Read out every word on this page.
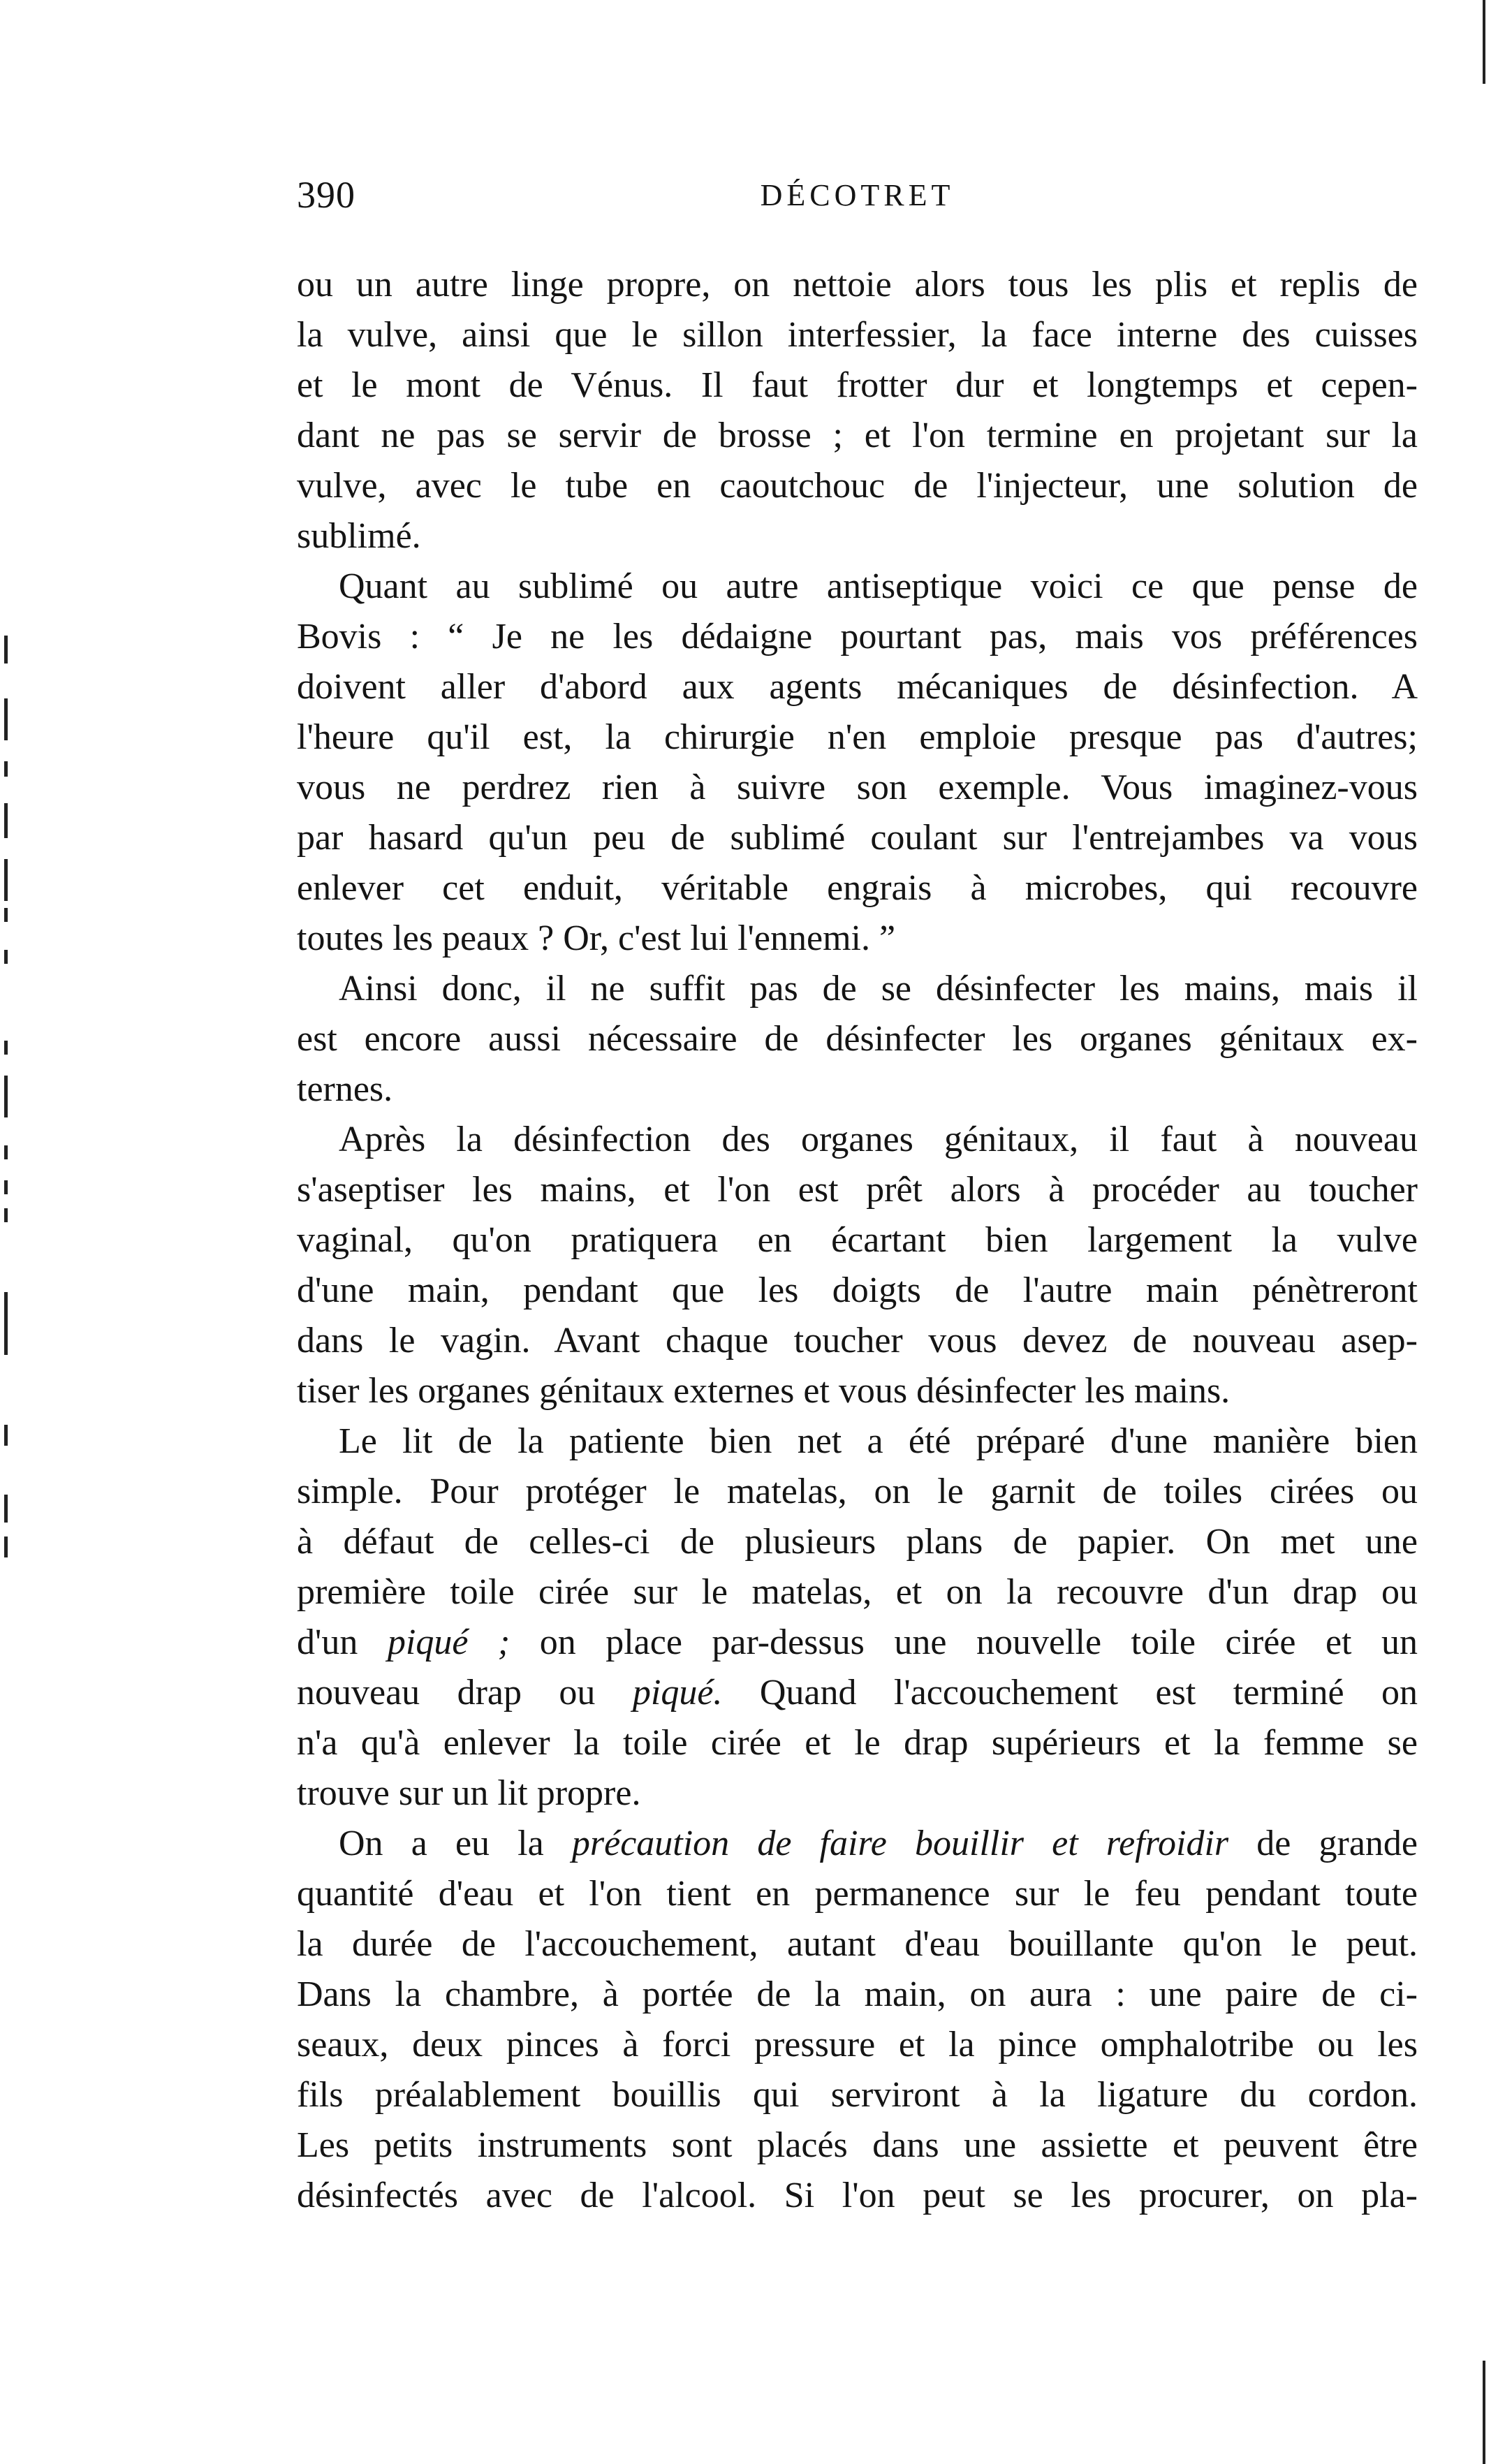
390	DÉCOTRET
ou un autre linge propre, on nettoie alors tous les plis et replis de
la vulve, ainsi que le sillon interfessier, la face interne des cuisses
et le mont de Vénus. Il faut frotter dur et longtemps et cepen-
dant ne pas se servir de brosse ; et l'on termine en projetant sur la
vulve, avec le tube en caoutchouc de l'injecteur, une solution de
sublimé.
Quant au sublimé ou autre antiseptique voici ce que pense de
Bovis : “ Je ne les dédaigne pourtant pas, mais vos préférences
doivent aller d'abord aux agents mécaniques de désinfection. A
l'heure qu'il est, la chirurgie n'en emploie presque pas d'autres;
vous ne perdrez rien à suivre son exemple. Vous imaginez-vous
par hasard qu'un peu de sublimé coulant sur l'entrejambes va vous
enlever cet enduit, véritable engrais à microbes, qui recouvre
toutes les peaux ? Or, c'est lui l'ennemi. ”
Ainsi donc, il ne suffit pas de se désinfecter les mains, mais il
est encore aussi nécessaire de désinfecter les organes génitaux ex-
ternes.
Après la désinfection des organes génitaux, il faut à nouveau
s'aseptiser les mains, et l'on est prêt alors à procéder au toucher
vaginal, qu'on pratiquera en écartant bien largement la vulve
d'une main, pendant que les doigts de l'autre main pénètreront
dans le vagin. Avant chaque toucher vous devez de nouveau asep-
tiser les organes génitaux externes et vous désinfecter les mains.
Le lit de la patiente bien net a été préparé d'une manière bien
simple. Pour protéger le matelas, on le garnit de toiles cirées ou
à défaut de celles-ci de plusieurs plans de papier. On met une
première toile cirée sur le matelas, et on la recouvre d'un drap ou
d'un piqué ; on place par-dessus une nouvelle toile cirée et un
nouveau drap ou piqué. Quand l'accouchement est terminé on
n'a qu'à enlever la toile cirée et le drap supérieurs et la femme se
trouve sur un lit propre.
On a eu la précaution de faire bouillir et refroidir de grande
quantité d'eau et l'on tient en permanence sur le feu pendant toute
la durée de l'accouchement, autant d'eau bouillante qu'on le peut.
Dans la chambre, à portée de la main, on aura : une paire de ci-
seaux, deux pinces à forci pressure et la pince omphalotribe ou les
fils préalablement bouillis qui serviront à la ligature du cordon.
Les petits instruments sont placés dans une assiette et peuvent être
désinfectés avec de l'alcool. Si l'on peut se les procurer, on pla-
